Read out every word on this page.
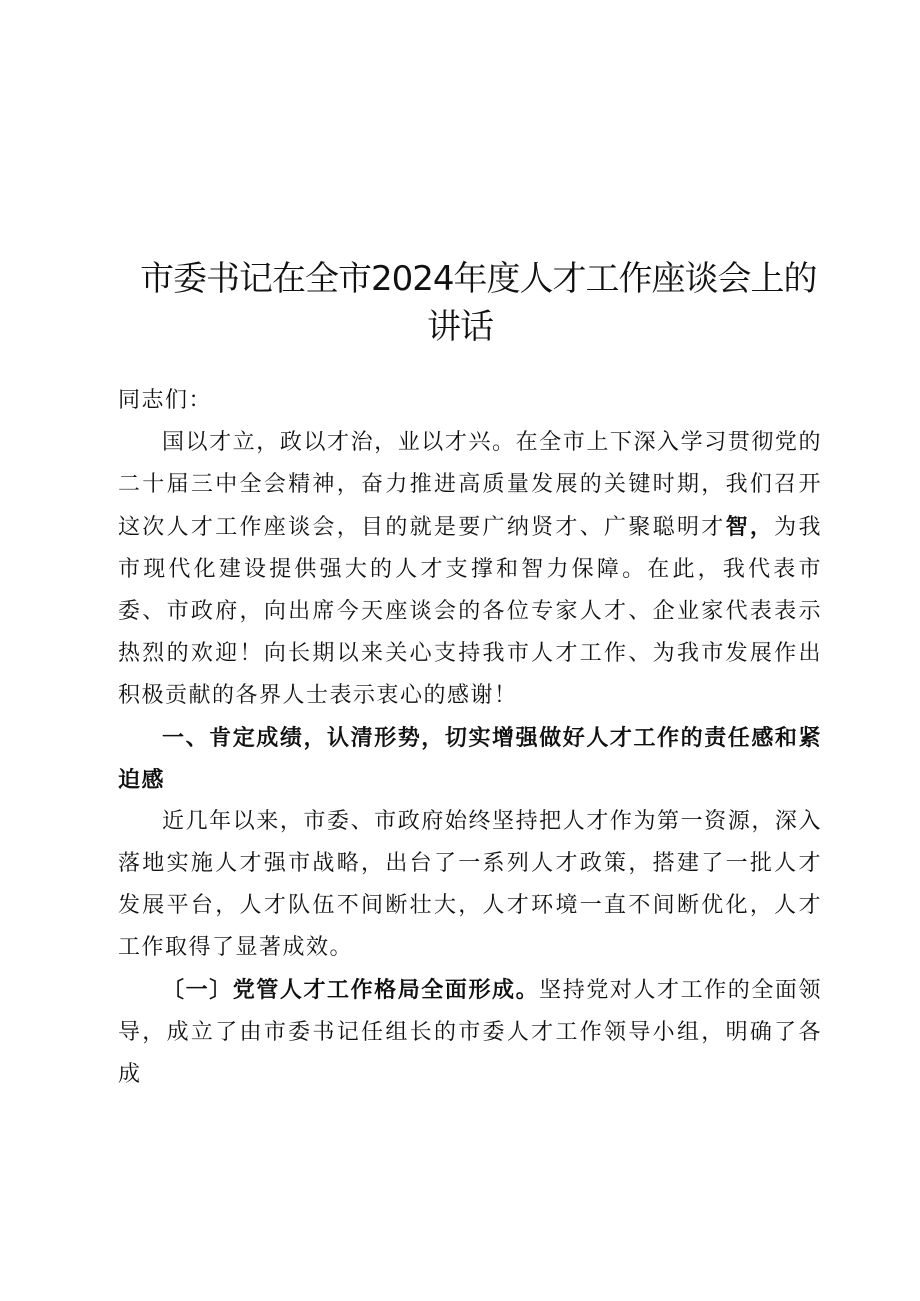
市委书记在全市2024年度人才工作座谈会上的
讲话

同志们：

国以才立，政以才治，业以才兴。在全市上下深入学习贯彻党的二十届三中全会精神，奋力推进高质量发展的关键时期，我们召开这次人才工作座谈会，目的就是要广纳贤才、广聚聪明才智，为我市现代化建设提供强大的人才支撑和智力保障。在此，我代表市委、市政府，向出席今天座谈会的各位专家人才、企业家代表表示热烈的欢迎！向长期以来关心支持我市人才工作、为我市发展作出积极贡献的各界人士表示衷心的感谢！

一、肯定成绩，认清形势，切实增强做好人才工作的责任感和紧迫感

近几年以来，市委、市政府始终坚持把人才作为第一资源，深入落地实施人才强市战略，出台了一系列人才政策，搭建了一批人才发展平台，人才队伍不间断壮大，人才环境一直不间断优化，人才工作取得了显著成效。

〔一〕党管人才工作格局全面形成。坚持党对人才工作的全面领导，成立了由市委书记任组长的市委人才工作领导小组，明确了各成
